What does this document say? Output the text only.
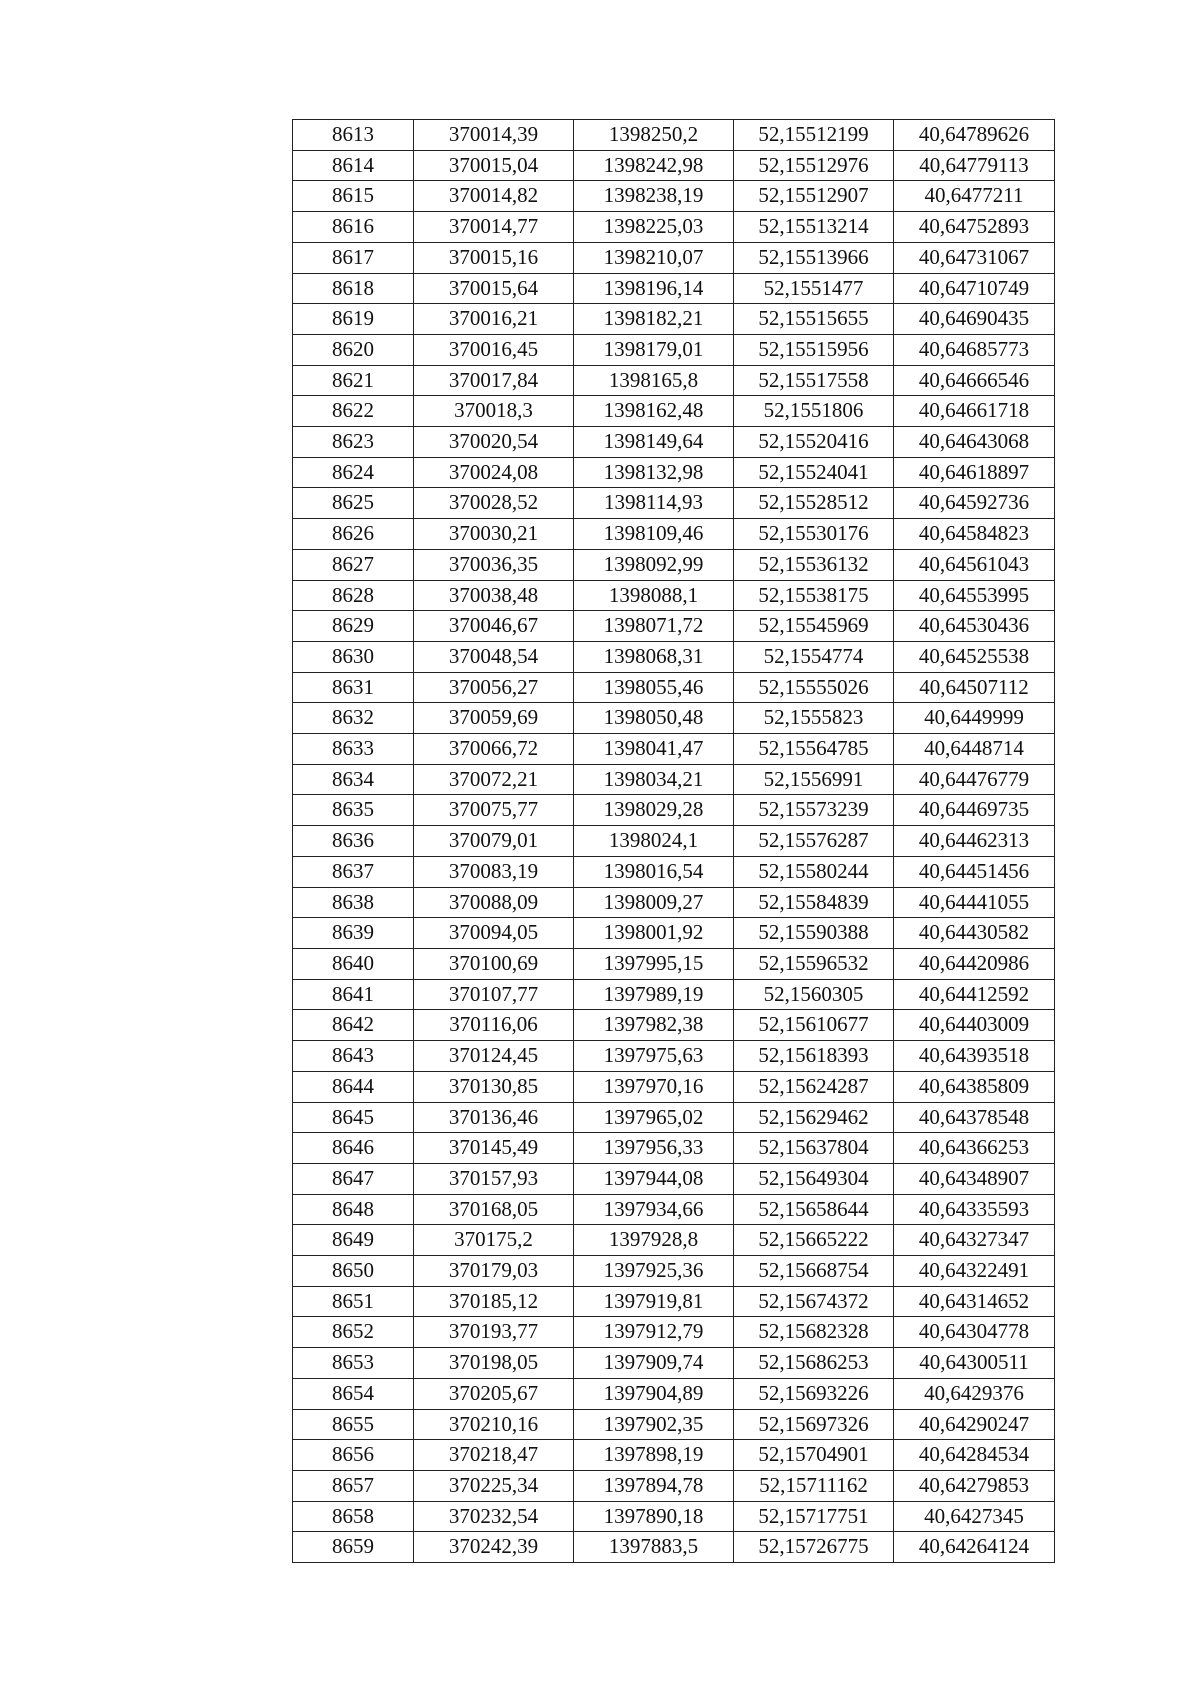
8613	370014,39	1398250,2	52,15512199	40,64789626
8614	370015,04	1398242,98	52,15512976	40,64779113
8615	370014,82	1398238,19	52,15512907	40,6477211
8616	370014,77	1398225,03	52,15513214	40,64752893
8617	370015,16	1398210,07	52,15513966	40,64731067
8618	370015,64	1398196,14	52,1551477	40,64710749
8619	370016,21	1398182,21	52,15515655	40,64690435
8620	370016,45	1398179,01	52,15515956	40,64685773
8621	370017,84	1398165,8	52,15517558	40,64666546
8622	370018,3	1398162,48	52,1551806	40,64661718
8623	370020,54	1398149,64	52,15520416	40,64643068
8624	370024,08	1398132,98	52,15524041	40,64618897
8625	370028,52	1398114,93	52,15528512	40,64592736
8626	370030,21	1398109,46	52,15530176	40,64584823
8627	370036,35	1398092,99	52,15536132	40,64561043
8628	370038,48	1398088,1	52,15538175	40,64553995
8629	370046,67	1398071,72	52,15545969	40,64530436
8630	370048,54	1398068,31	52,1554774	40,64525538
8631	370056,27	1398055,46	52,15555026	40,64507112
8632	370059,69	1398050,48	52,1555823	40,6449999
8633	370066,72	1398041,47	52,15564785	40,6448714
8634	370072,21	1398034,21	52,1556991	40,64476779
8635	370075,77	1398029,28	52,15573239	40,64469735
8636	370079,01	1398024,1	52,15576287	40,64462313
8637	370083,19	1398016,54	52,15580244	40,64451456
8638	370088,09	1398009,27	52,15584839	40,64441055
8639	370094,05	1398001,92	52,15590388	40,64430582
8640	370100,69	1397995,15	52,15596532	40,64420986
8641	370107,77	1397989,19	52,1560305	40,64412592
8642	370116,06	1397982,38	52,15610677	40,64403009
8643	370124,45	1397975,63	52,15618393	40,64393518
8644	370130,85	1397970,16	52,15624287	40,64385809
8645	370136,46	1397965,02	52,15629462	40,64378548
8646	370145,49	1397956,33	52,15637804	40,64366253
8647	370157,93	1397944,08	52,15649304	40,64348907
8648	370168,05	1397934,66	52,15658644	40,64335593
8649	370175,2	1397928,8	52,15665222	40,64327347
8650	370179,03	1397925,36	52,15668754	40,64322491
8651	370185,12	1397919,81	52,15674372	40,64314652
8652	370193,77	1397912,79	52,15682328	40,64304778
8653	370198,05	1397909,74	52,15686253	40,64300511
8654	370205,67	1397904,89	52,15693226	40,6429376
8655	370210,16	1397902,35	52,15697326	40,64290247
8656	370218,47	1397898,19	52,15704901	40,64284534
8657	370225,34	1397894,78	52,15711162	40,64279853
8658	370232,54	1397890,18	52,15717751	40,6427345
8659	370242,39	1397883,5	52,15726775	40,64264124
